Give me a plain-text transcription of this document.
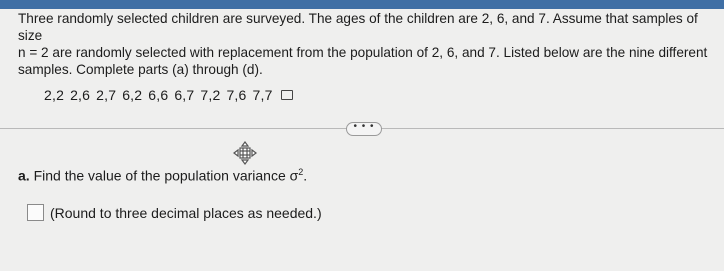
Three randomly selected children are surveyed. The ages of the children are 2, 6, and 7. Assume that samples of size
n = 2 are randomly selected with replacement from the population of 2, 6, and 7. Listed below are the nine different
samples. Complete parts (a) through (d).
2,2 2,6 2,7 6,2 6,6 6,7 7,2 7,6 7,7
• • •
a. Find the value of the population variance $\sigma^2$.
(Round to three decimal places as needed.)
